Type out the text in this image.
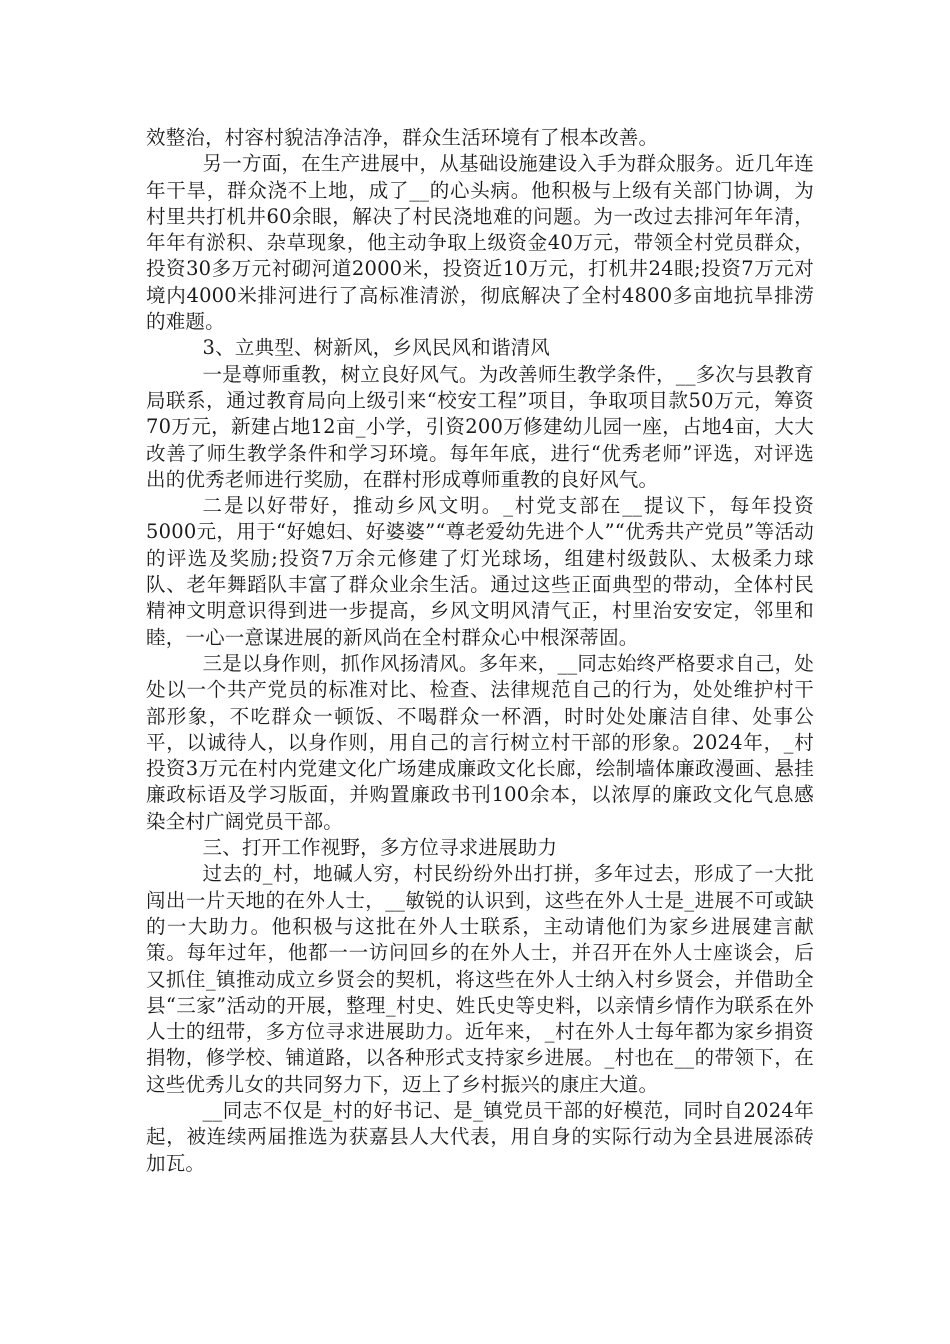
效整治，村容村貌洁净洁净，群众生活环境有了根本改善。

另一方面，在生产进展中，从基础设施建设入手为群众服务。近几年连年干旱，群众浇不上地，成了__的心头病。他积极与上级有关部门协调，为村里共打机井60余眼，解决了村民浇地难的问题。为一改过去排河年年清，年年有淤积、杂草现象，他主动争取上级资金40万元，带领全村党员群众，投资30多万元衬砌河道2000米，投资近10万元，打机井24眼;投资7万元对境内4000米排河进行了高标准清淤，彻底解决了全村4800多亩地抗旱排涝的难题。

3、立典型、树新风，乡风民风和谐清风

一是尊师重教，树立良好风气。为改善师生教学条件，__多次与县教育局联系，通过教育局向上级引来“校安工程”项目，争取项目款50万元，筹资70万元，新建占地12亩_小学，引资200万修建幼儿园一座，占地4亩，大大改善了师生教学条件和学习环境。每年年底，进行“优秀老师”评选，对评选出的优秀老师进行奖励，在群村形成尊师重教的良好风气。

二是以好带好，推动乡风文明。_村党支部在__提议下，每年投资5000元，用于“好媳妇、好婆婆”“尊老爱幼先进个人”“优秀共产党员”等活动的评选及奖励;投资7万余元修建了灯光球场，组建村级鼓队、太极柔力球队、老年舞蹈队丰富了群众业余生活。通过这些正面典型的带动，全体村民精神文明意识得到进一步提高，乡风文明风清气正，村里治安安定，邻里和睦，一心一意谋进展的新风尚在全村群众心中根深蒂固。

三是以身作则，抓作风扬清风。多年来，__同志始终严格要求自己，处处以一个共产党员的标准对比、检查、法律规范自己的行为，处处维护村干部形象，不吃群众一顿饭、不喝群众一杯酒，时时处处廉洁自律、处事公平，以诚待人，以身作则，用自己的言行树立村干部的形象。2024年，_村投资3万元在村内党建文化广场建成廉政文化长廊，绘制墙体廉政漫画、悬挂廉政标语及学习版面，并购置廉政书刊100余本，以浓厚的廉政文化气息感染全村广阔党员干部。

三、打开工作视野，多方位寻求进展助力

过去的_村，地碱人穷，村民纷纷外出打拼，多年过去，形成了一大批闯出一片天地的在外人士，__敏锐的认识到，这些在外人士是_进展不可或缺的一大助力。他积极与这批在外人士联系，主动请他们为家乡进展建言献策。每年过年，他都一一访问回乡的在外人士，并召开在外人士座谈会，后又抓住_镇推动成立乡贤会的契机，将这些在外人士纳入村乡贤会，并借助全县“三家”活动的开展，整理_村史、姓氏史等史料，以亲情乡情作为联系在外人士的纽带，多方位寻求进展助力。近年来，_村在外人士每年都为家乡捐资捐物，修学校、铺道路，以各种形式支持家乡进展。_村也在__的带领下，在这些优秀儿女的共同努力下，迈上了乡村振兴的康庄大道。

__同志不仅是_村的好书记、是_镇党员干部的好模范，同时自2024年起，被连续两届推选为获嘉县人大代表，用自身的实际行动为全县进展添砖加瓦。
